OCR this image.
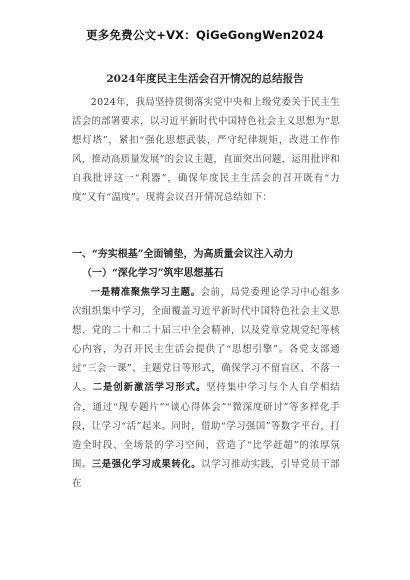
更多免费公文+VX：QiGeGongWen2024
2024年度民主生活会召开情况的总结报告

2024年，我局坚持贯彻落实党中央和上级党委关于民主生活会的部署要求，以习近平新时代中国特色社会主义思想为“思想灯塔”，紧扣“强化思想武装，严守纪律规矩，改进工作作风，推动高质量发展”的会议主题，直面突出问题，运用批评和自我批评这一“利器”，确保年度民主生活会的召开既有“力度”又有“温度”。现将会议召开情况总结如下：

一、“夯实根基”全面铺垫，为高质量会议注入动力

（一）“深化学习”筑牢思想基石

一是精准聚焦学习主题。会前，局党委理论学习中心组多次组织集中学习，全面覆盖习近平新时代中国特色社会主义思想、党的二十和二十届三中全会精神，以及党章党规党纪等核心内容，为召开民主生活会提供了“思想引擎”。各党支部通过“三会一课”、主题党日等形式，确保学习不留盲区、不落一人。二是创新激活学习形式。坚持集中学习与个人自学相结合，通过“现专题片”“谈心得体会”“微深度研讨”等多样化手段，让学习“活”起来。同时，借助“学习强国”等数字平台，打造全时段、全场景的学习空间，营造了“比学赶超”的浓厚氛围。三是强化学习成果转化。以学习推动实践，引导党员干部在
